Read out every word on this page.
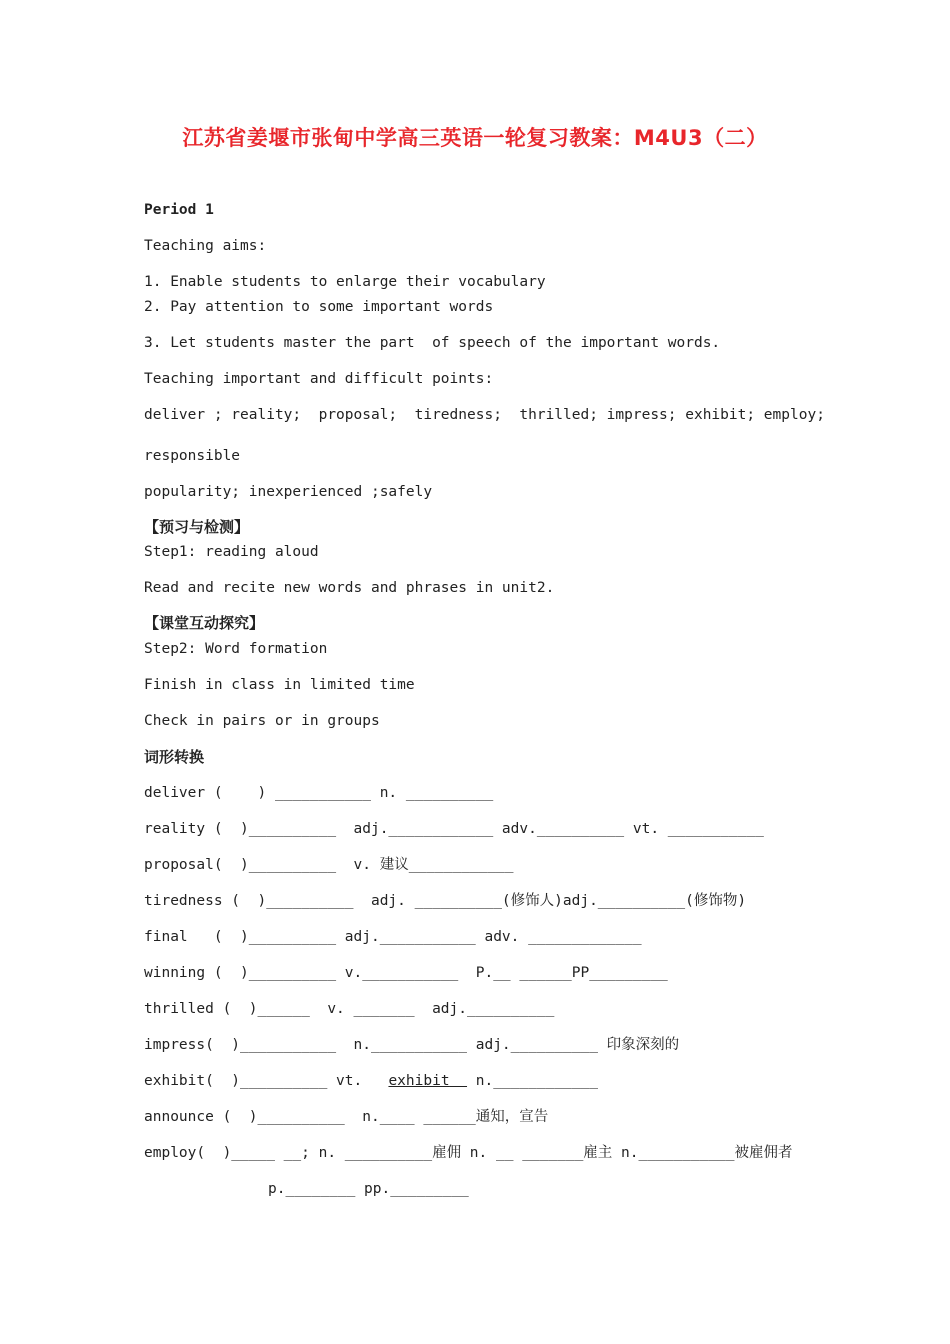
江苏省姜堰市张甸中学高三英语一轮复习教案：M4U3（二）
Period 1
Teaching aims:
1. Enable students to enlarge their vocabulary
2. Pay attention to some important words
3. Let students master the part  of speech of the important words.
Teaching important and difficult points:
deliver ; reality;  proposal;  tiredness;  thrilled; impress; exhibit; employ;
responsible
popularity; inexperienced ;safely
【预习与检测】
Step1: reading aloud
Read and recite new words and phrases in unit2.
【课堂互动探究】
Step2: Word formation
Finish in class in limited time
Check in pairs or in groups
词形转换
deliver (    ) ___________ n. __________
reality (  )__________  adj.____________ adv.__________ vt. ___________
proposal(  )__________  v. 建议____________
tiredness (  )__________  adj. __________(修饰人)adj.__________(修饰物)
final   (  )__________ adj.___________ adv. _____________
winning (  )__________ v.___________  P.__ ______PP_________
thrilled (  )______  v. _______  adj.__________
impress(  )___________  n.___________ adj.__________ 印象深刻的
exhibit(  )__________ vt. exhibit   n.____________
announce (  )__________  n.____ ______通知，宣告
employ(  )_____ __; n. __________雇佣 n. __ _______雇主 n.___________被雇佣者
p.________ pp._________
